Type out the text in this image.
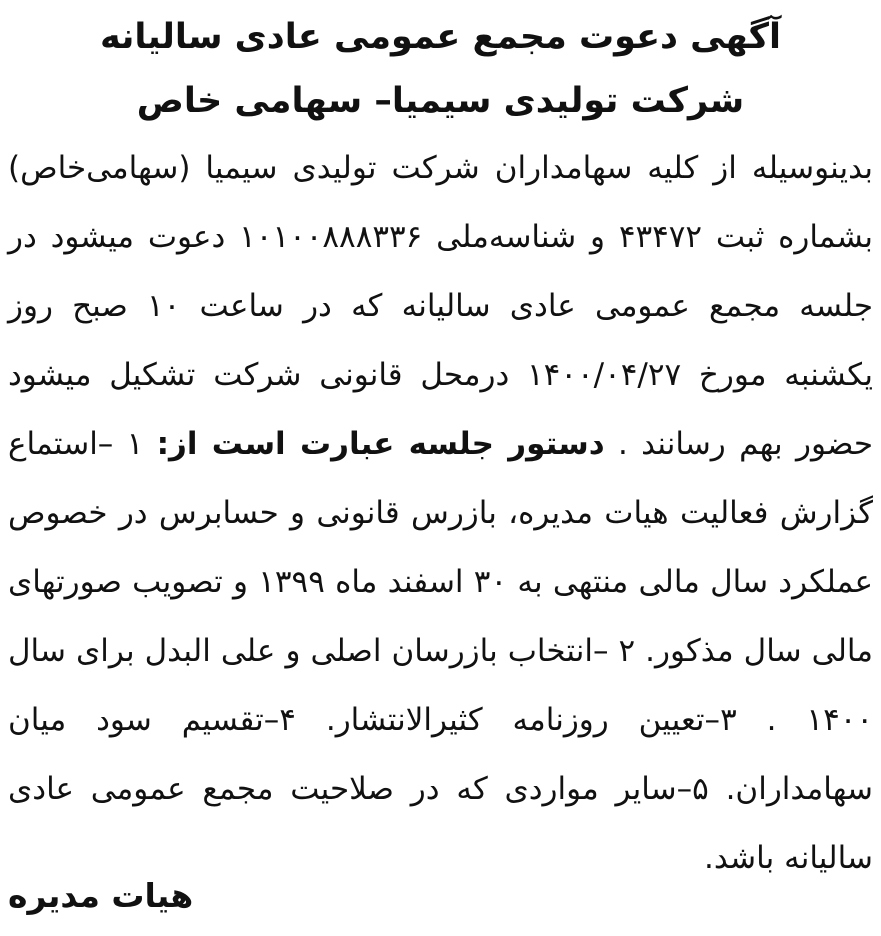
آگهی دعوت مجمع عمومی عادی سالیانه
شرکت تولیدی سیمیا– سهامی خاص

بدینوسیله از کلیه سهامداران شرکت تولیدی سیمیا (سهامی‌خاص) بشماره ثبت ۴۳۴۷۲ و شناسه‌ملی ۱۰۱۰۰۸۸۸۳۳۶ دعوت میشود در جلسه مجمع عمومی عادی سالیانه که در ساعت ۱۰ صبح روز یکشنبه مورخ ۱۴۰۰/۰۴/۲۷ درمحل قانونی شرکت تشکیل میشود حضور بهم رسانند . دستور جلسه عبارت است از: ۱ –استماع گزارش فعالیت هیات مدیره، بازرس قانونی و حسابرس در خصوص عملکرد سال مالی منتهی به ۳۰ اسفند ماه ۱۳۹۹ و تصویب صورتهای مالی سال مذکور. ۲ –انتخاب بازرسان اصلی و علی البدل برای سال ۱۴۰۰ . ۳–تعیین روزنامه کثیرالانتشار. ۴–تقسیم سود میان سهامداران. ۵–سایر مواردی که در صلاحیت مجمع عمومی عادی سالیانه باشد.

هیات مدیره
